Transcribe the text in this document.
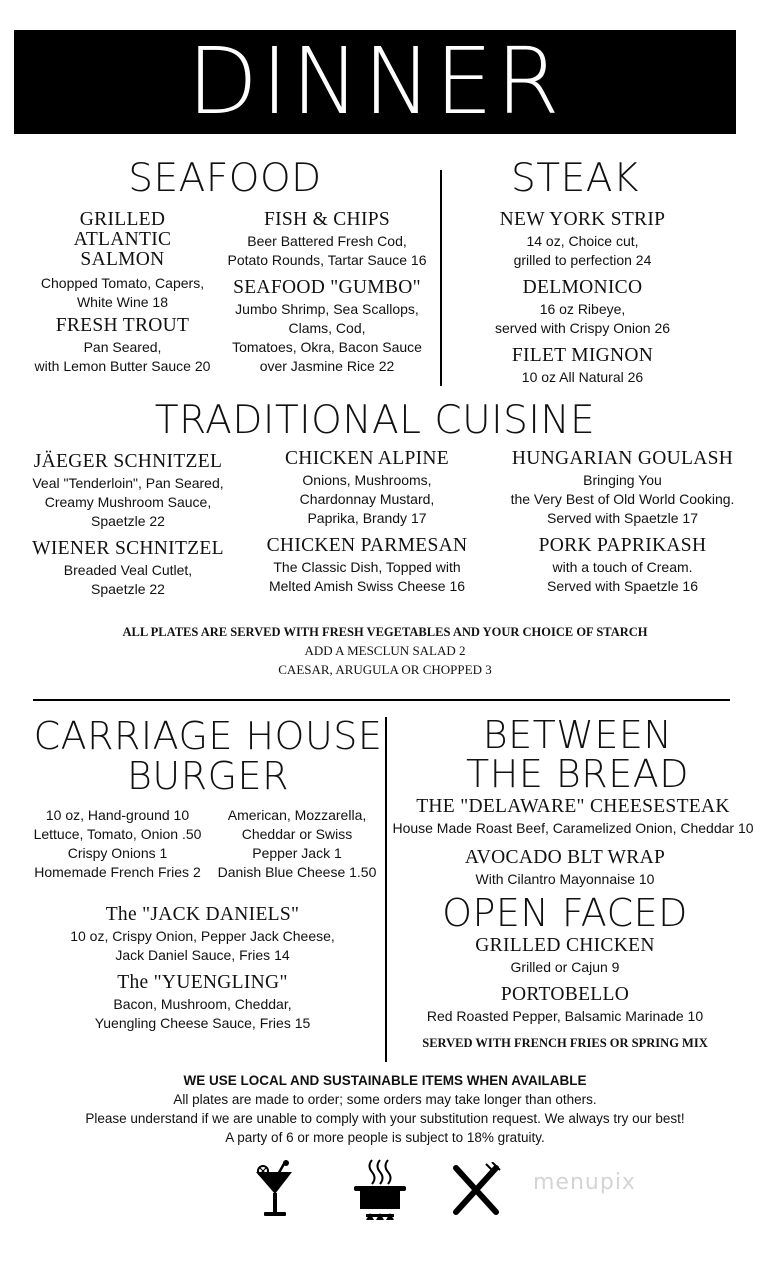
DINNER
SEAFOOD
GRILLED ATLANTIC
SALMON
Chopped Tomato, Capers,
White Wine 18
FRESH TROUT
Pan Seared,
with Lemon Butter Sauce 20
FISH & CHIPS
Beer Battered Fresh Cod,
Potato Rounds, Tartar Sauce 16
SEAFOOD "GUMBO"
Jumbo Shrimp, Sea Scallops,
Clams, Cod,
Tomatoes, Okra, Bacon Sauce
over Jasmine Rice 22
STEAK
NEW YORK STRIP
14 oz, Choice cut,
grilled to perfection 24
DELMONICO
16 oz Ribeye,
served with Crispy Onion 26
FILET MIGNON
10 oz All Natural 26
TRADITIONAL CUISINE
JÄEGER SCHNITZEL
Veal "Tenderloin", Pan Seared,
Creamy Mushroom Sauce,
Spaetzle 22
WIENER SCHNITZEL
Breaded Veal Cutlet,
Spaetzle 22
CHICKEN ALPINE
Onions, Mushrooms,
Chardonnay Mustard,
Paprika, Brandy 17
CHICKEN PARMESAN
The Classic Dish, Topped with
Melted Amish Swiss Cheese 16
HUNGARIAN GOULASH
Bringing You
the Very Best of Old World Cooking.
Served with Spaetzle 17
PORK PAPRIKASH
with a touch of Cream.
Served with Spaetzle 16
ALL PLATES ARE SERVED WITH FRESH VEGETABLES AND YOUR CHOICE OF STARCH
ADD A MESCLUN SALAD 2
CAESAR, ARUGULA OR CHOPPED 3
CARRIAGE HOUSE
BURGER
10 oz, Hand-ground 10
Lettuce, Tomato, Onion .50
Crispy Onions 1
Homemade French Fries 2
American, Mozzarella,
Cheddar or Swiss
Pepper Jack 1
Danish Blue Cheese 1.50
The "JACK DANIELS"
10 oz, Crispy Onion, Pepper Jack Cheese,
Jack Daniel Sauce, Fries 14
The "YUENGLING"
Bacon, Mushroom, Cheddar,
Yuengling Cheese Sauce, Fries 15
BETWEEN
THE BREAD
THE "DELAWARE" CHEESESTEAK
House Made Roast Beef, Caramelized Onion, Cheddar 10
AVOCADO BLT WRAP
With Cilantro Mayonnaise 10
OPEN FACED
GRILLED CHICKEN
Grilled or Cajun 9
PORTOBELLO
Red Roasted Pepper, Balsamic Marinade 10
SERVED WITH FRENCH FRIES OR SPRING MIX
WE USE LOCAL AND SUSTAINABLE ITEMS WHEN AVAILABLE
All plates are made to order; some orders may take longer than others.
Please understand if we are unable to comply with your substitution request. We always try our best!
A party of 6 or more people is subject to 18% gratuity.
menupix
